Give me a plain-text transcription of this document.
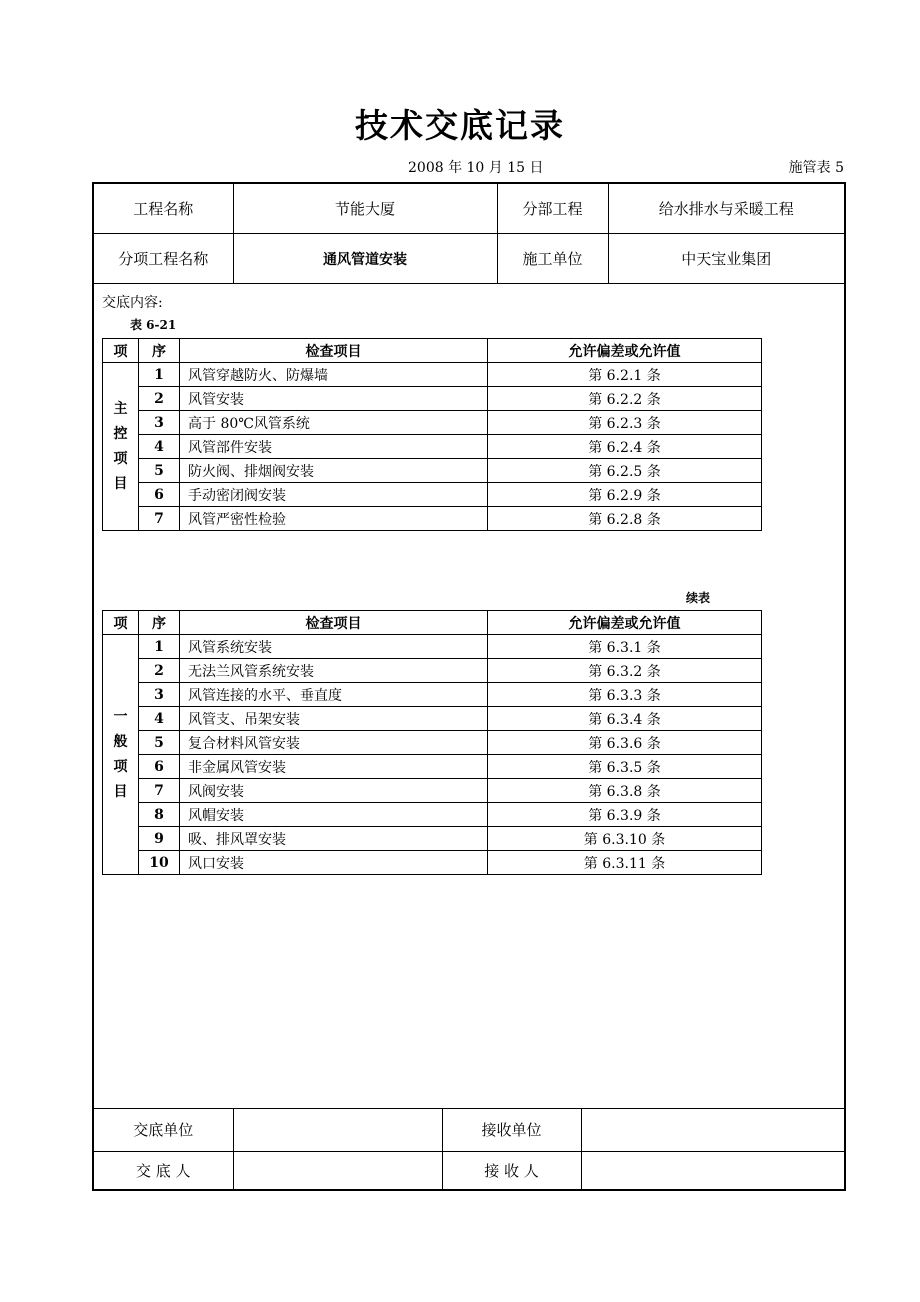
技术交底记录
2008 年 10 月 15 日	施管表 5
工程名称	节能大厦	分部工程	给水排水与采暖工程
分项工程名称	通风管道安装	施工单位	中天宝业集团
交底内容:
表 6-21
项	序	检查项目	允许偏差或允许值

主
控
项
目	1	风管穿越防火、防爆墙	第 6.2.1 条
	2	风管安装	第 6.2.2 条
	3	高于 80℃风管系统	第 6.2.3 条
	4	风管部件安装	第 6.2.4 条
	5	防火阀、排烟阀安装	第 6.2.5 条
	6	手动密闭阀安装	第 6.2.9 条
	7	风管严密性检验	第 6.2.8 条
续表
项	序	检查项目	允许偏差或允许值

一
般
项
目	1	风管系统安装	第 6.3.1 条
	2	无法兰风管系统安装	第 6.3.2 条
	3	风管连接的水平、垂直度	第 6.3.3 条
	4	风管支、吊架安装	第 6.3.4 条
	5	复合材料风管安装	第 6.3.6 条
	6	非金属风管安装	第 6.3.5 条
	7	风阀安装	第 6.3.8 条
	8	风帽安装	第 6.3.9 条
	9	吸、排风罩安装	第 6.3.10 条
	10	风口安装	第 6.3.11 条
交底单位		接收单位	
交 底 人		接 收 人	
